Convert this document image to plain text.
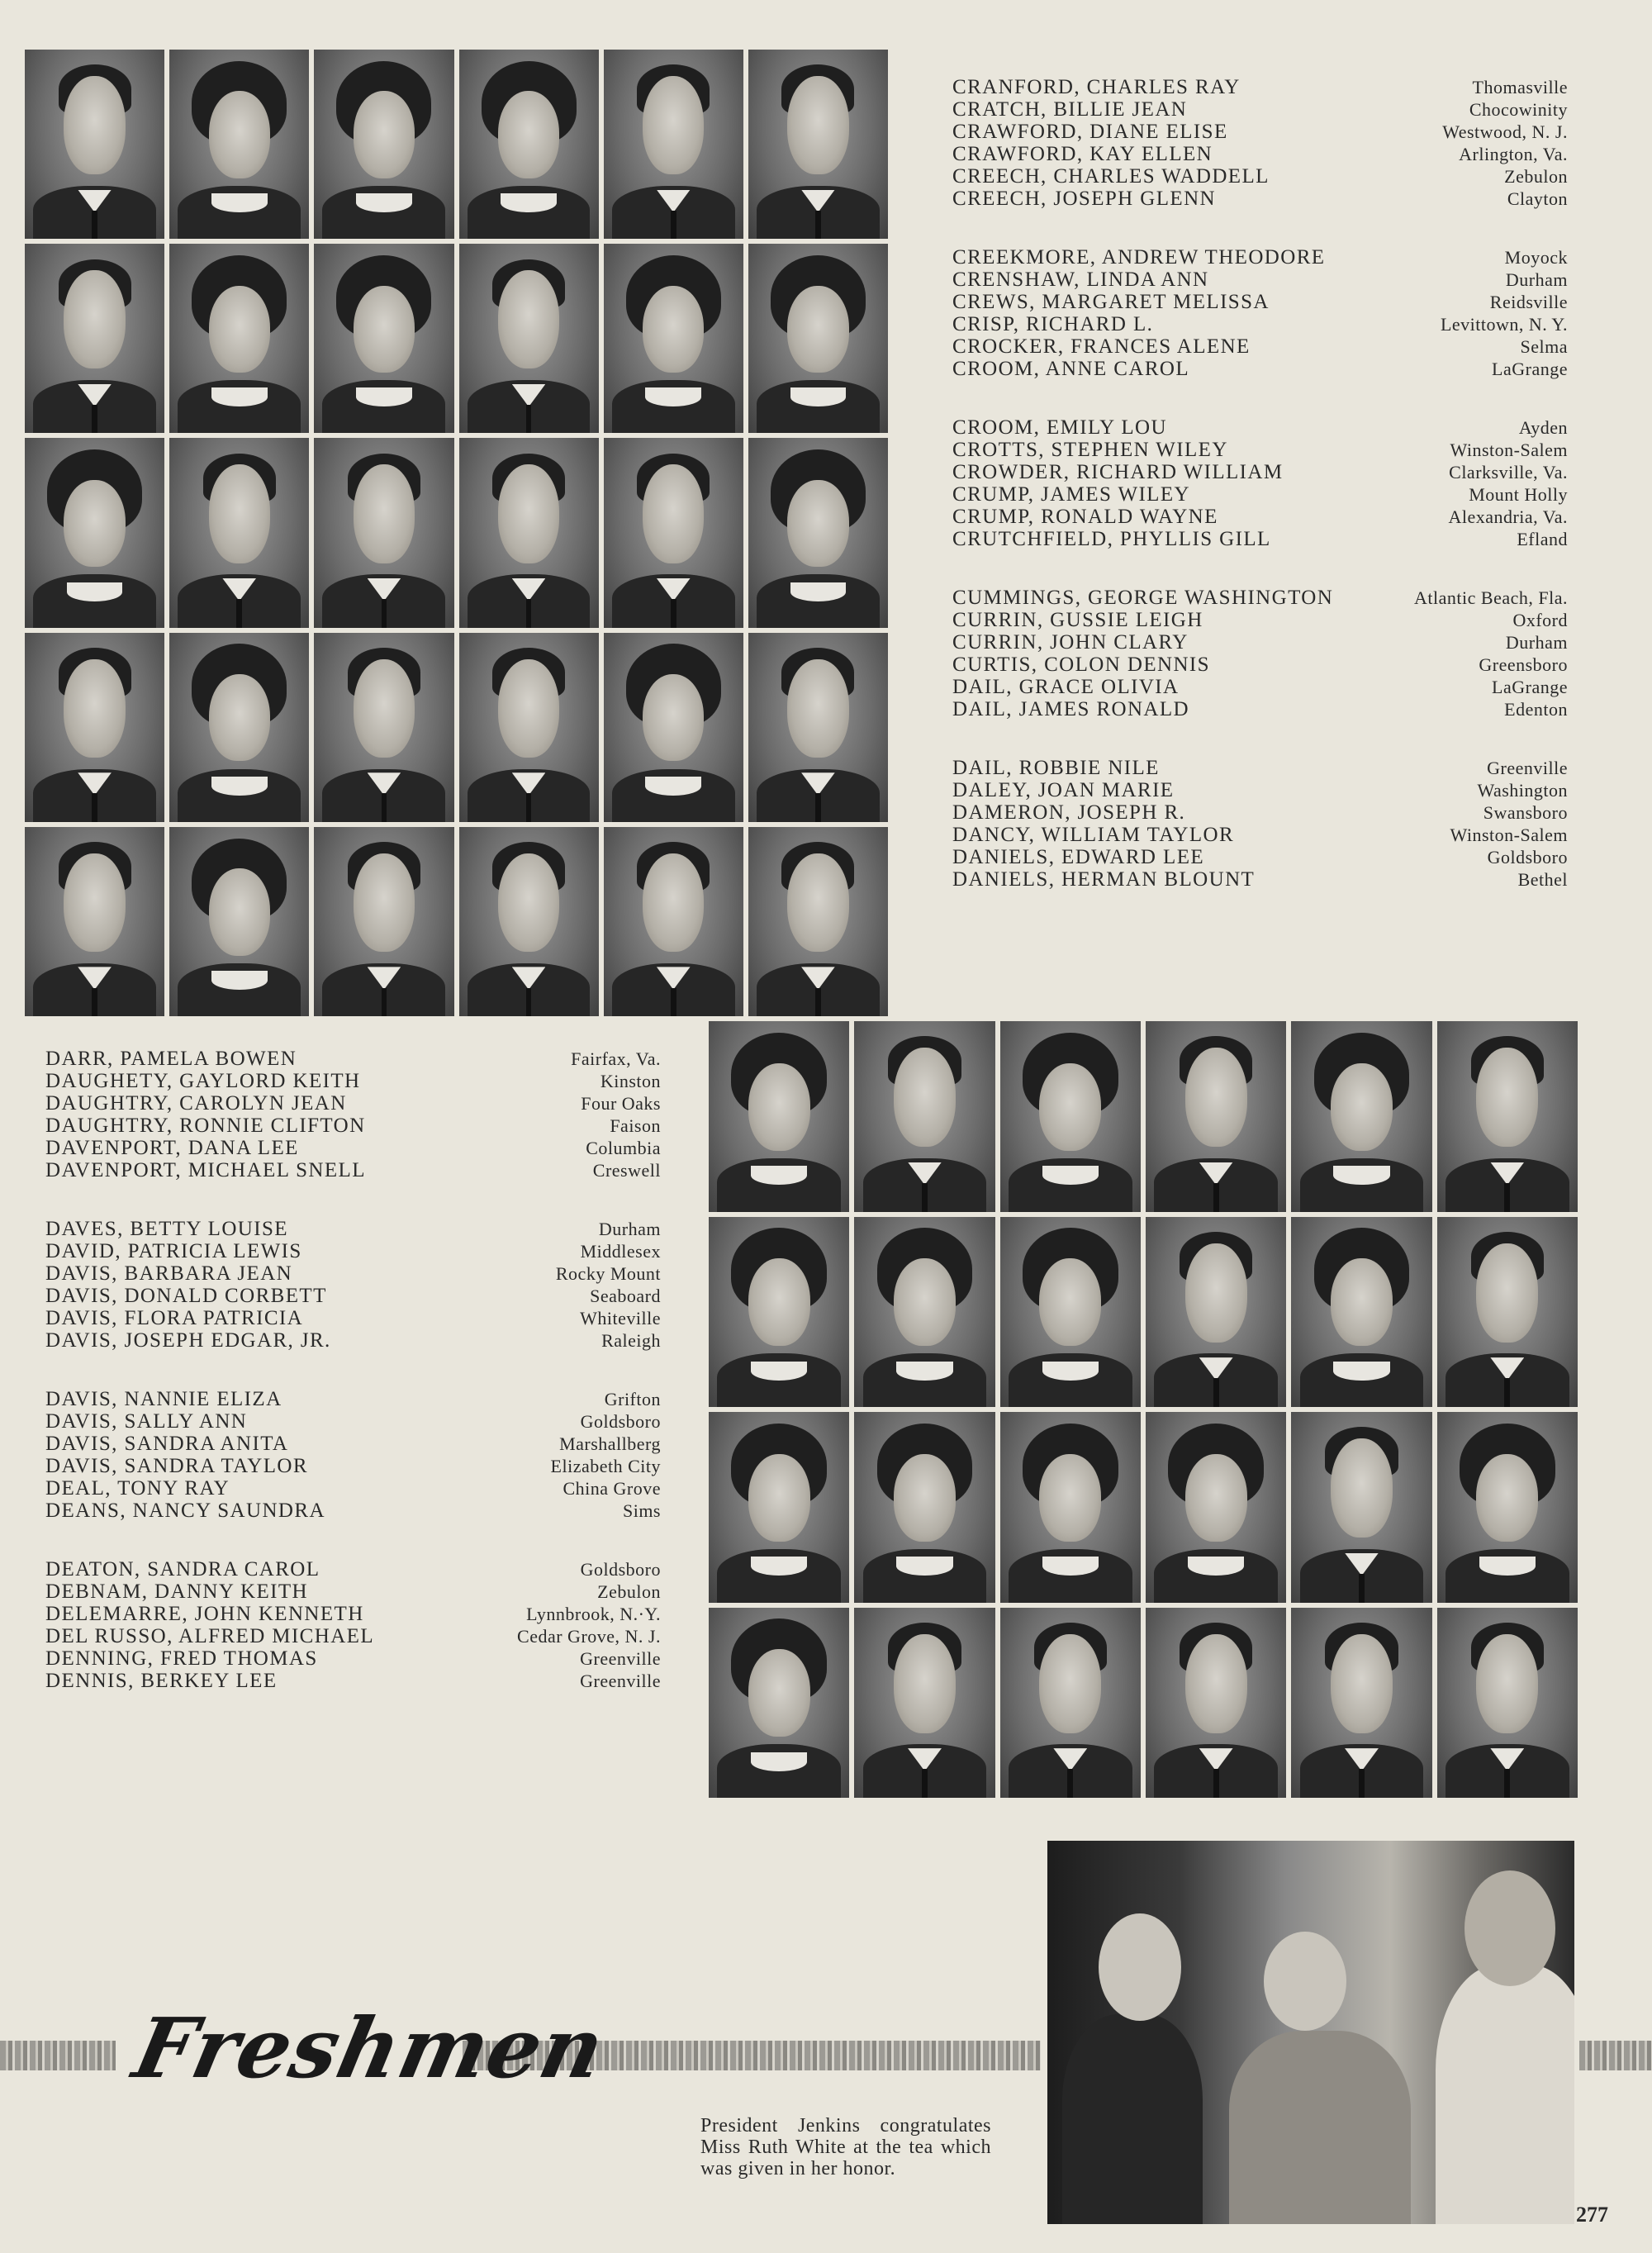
CRANFORD, CHARLES RAY	Thomasville
CRATCH, BILLIE JEAN	Chocowinity
CRAWFORD, DIANE ELISE	Westwood, N. J.
CRAWFORD, KAY ELLEN	Arlington, Va.
CREECH, CHARLES WADDELL	Zebulon
CREECH, JOSEPH GLENN	Clayton
CREEKMORE, ANDREW THEODORE	Moyock
CRENSHAW, LINDA ANN	Durham
CREWS, MARGARET MELISSA	Reidsville
CRISP, RICHARD L.	Levittown, N. Y.
CROCKER, FRANCES ALENE	Selma
CROOM, ANNE CAROL	LaGrange
CROOM, EMILY LOU	Ayden
CROTTS, STEPHEN WILEY	Winston-Salem
CROWDER, RICHARD WILLIAM	Clarksville, Va.
CRUMP, JAMES WILEY	Mount Holly
CRUMP, RONALD WAYNE	Alexandria, Va.
CRUTCHFIELD, PHYLLIS GILL	Efland
CUMMINGS, GEORGE WASHINGTON	Atlantic Beach, Fla.
CURRIN, GUSSIE LEIGH	Oxford
CURRIN, JOHN CLARY	Durham
CURTIS, COLON DENNIS	Greensboro
DAIL, GRACE OLIVIA	LaGrange
DAIL, JAMES RONALD	Edenton
DAIL, ROBBIE NILE	Greenville
DALEY, JOAN MARIE	Washington
DAMERON, JOSEPH R.	Swansboro
DANCY, WILLIAM TAYLOR	Winston-Salem
DANIELS, EDWARD LEE	Goldsboro
DANIELS, HERMAN BLOUNT	Bethel
DARR, PAMELA BOWEN	Fairfax, Va.
DAUGHETY, GAYLORD KEITH	Kinston
DAUGHTRY, CAROLYN JEAN	Four Oaks
DAUGHTRY, RONNIE CLIFTON	Faison
DAVENPORT, DANA LEE	Columbia
DAVENPORT, MICHAEL SNELL	Creswell
DAVES, BETTY LOUISE	Durham
DAVID, PATRICIA LEWIS	Middlesex
DAVIS, BARBARA JEAN	Rocky Mount
DAVIS, DONALD CORBETT	Seaboard
DAVIS, FLORA PATRICIA	Whiteville
DAVIS, JOSEPH EDGAR, JR.	Raleigh
DAVIS, NANNIE ELIZA	Grifton
DAVIS, SALLY ANN	Goldsboro
DAVIS, SANDRA ANITA	Marshallberg
DAVIS, SANDRA TAYLOR	Elizabeth City
DEAL, TONY RAY	China Grove
DEANS, NANCY SAUNDRA	Sims
DEATON, SANDRA CAROL	Goldsboro
DEBNAM, DANNY KEITH	Zebulon
DELEMARRE, JOHN KENNETH	Lynnbrook, N.·Y.
DEL RUSSO, ALFRED MICHAEL	Cedar Grove, N. J.
DENNING, FRED THOMAS	Greenville
DENNIS, BERKEY LEE	Greenville
Freshmen
President Jenkins congratulates Miss Ruth White at the tea which was given in her honor.
277
